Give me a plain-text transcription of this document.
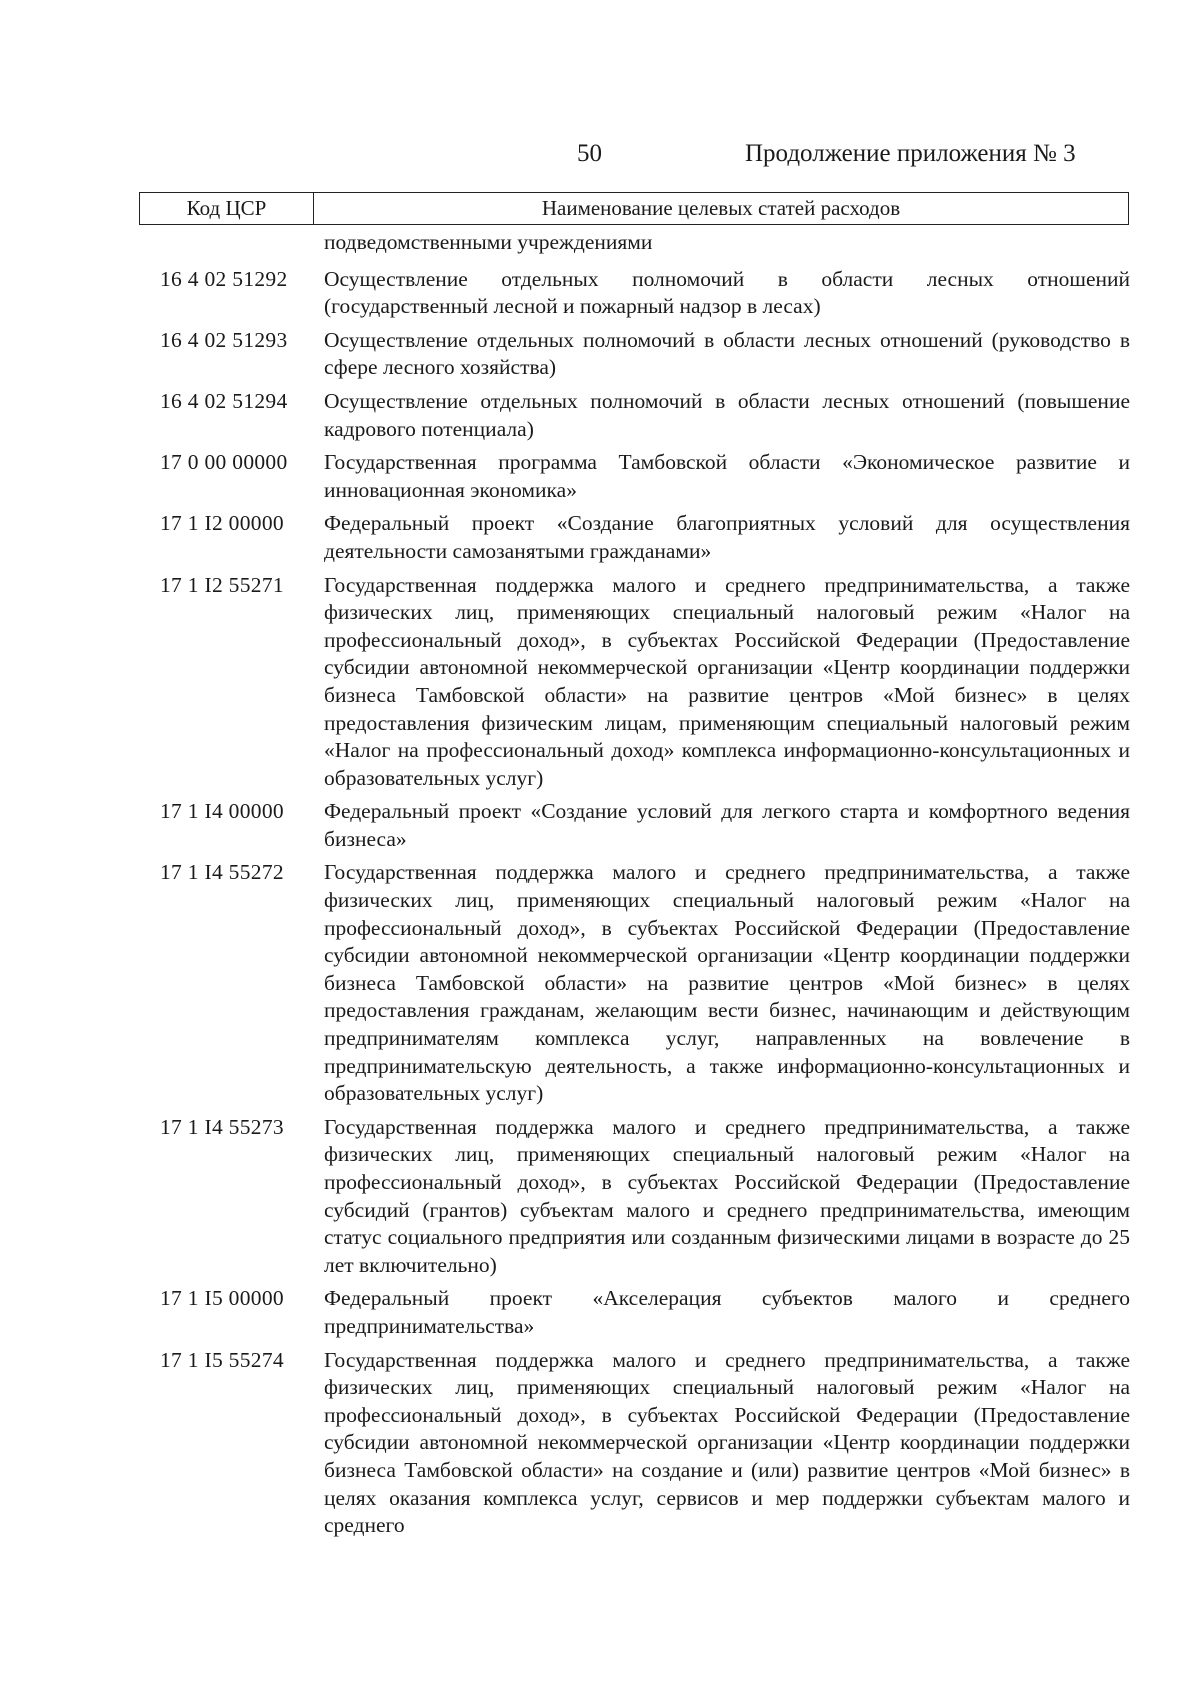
50	Продолжение приложения № 3
Код ЦСР	Наименование целевых статей расходов
подведомственными учреждениями
16 4 02 51292	Осуществление отдельных полномочий в области лесных отношений (государственный лесной и пожарный надзор в лесах)
16 4 02 51293	Осуществление отдельных полномочий в области лесных отношений (руководство в сфере лесного хозяйства)
16 4 02 51294	Осуществление отдельных полномочий в области лесных отношений (повышение кадрового потенциала)
17 0 00 00000	Государственная программа Тамбовской области «Экономическое развитие и инновационная экономика»
17 1 I2 00000	Федеральный проект «Создание благоприятных условий для осуществления деятельности самозанятыми гражданами»
17 1 I2 55271	Государственная поддержка малого и среднего предпринимательства, а также физических лиц, применяющих специальный налоговый режим «Налог на профессиональный доход», в субъектах Российской Федерации (Предоставление субсидии автономной некоммерческой организации «Центр координации поддержки бизнеса Тамбовской области» на развитие центров «Мой бизнес» в целях предоставления физическим лицам, применяющим специальный налоговый режим «Налог на профессиональный доход» комплекса информационно-консультационных и образовательных услуг)
17 1 I4 00000	Федеральный проект «Создание условий для легкого старта и комфортного ведения бизнеса»
17 1 I4 55272	Государственная поддержка малого и среднего предпринимательства, а также физических лиц, применяющих специальный налоговый режим «Налог на профессиональный доход», в субъектах Российской Федерации (Предоставление субсидии автономной некоммерческой организации «Центр координации поддержки бизнеса Тамбовской области» на развитие центров «Мой бизнес» в целях предоставления гражданам, желающим вести бизнес, начинающим и действующим предпринимателям комплекса услуг, направленных на вовлечение в предпринимательскую деятельность, а также информационно-консультационных и образовательных услуг)
17 1 I4 55273	Государственная поддержка малого и среднего предпринимательства, а также физических лиц, применяющих специальный налоговый режим «Налог на профессиональный доход», в субъектах Российской Федерации (Предоставление субсидий (грантов) субъектам малого и среднего предпринимательства, имеющим статус социального предприятия или созданным физическими лицами в возрасте до 25 лет включительно)
17 1 I5 00000	Федеральный проект «Акселерация субъектов малого и среднего предпринимательства»
17 1 I5 55274	Государственная поддержка малого и среднего предпринимательства, а также физических лиц, применяющих специальный налоговый режим «Налог на профессиональный доход», в субъектах Российской Федерации (Предоставление субсидии автономной некоммерческой организации «Центр координации поддержки бизнеса Тамбовской области» на создание и (или) развитие центров «Мой бизнес» в целях оказания комплекса услуг, сервисов и мер поддержки субъектам малого и среднего
